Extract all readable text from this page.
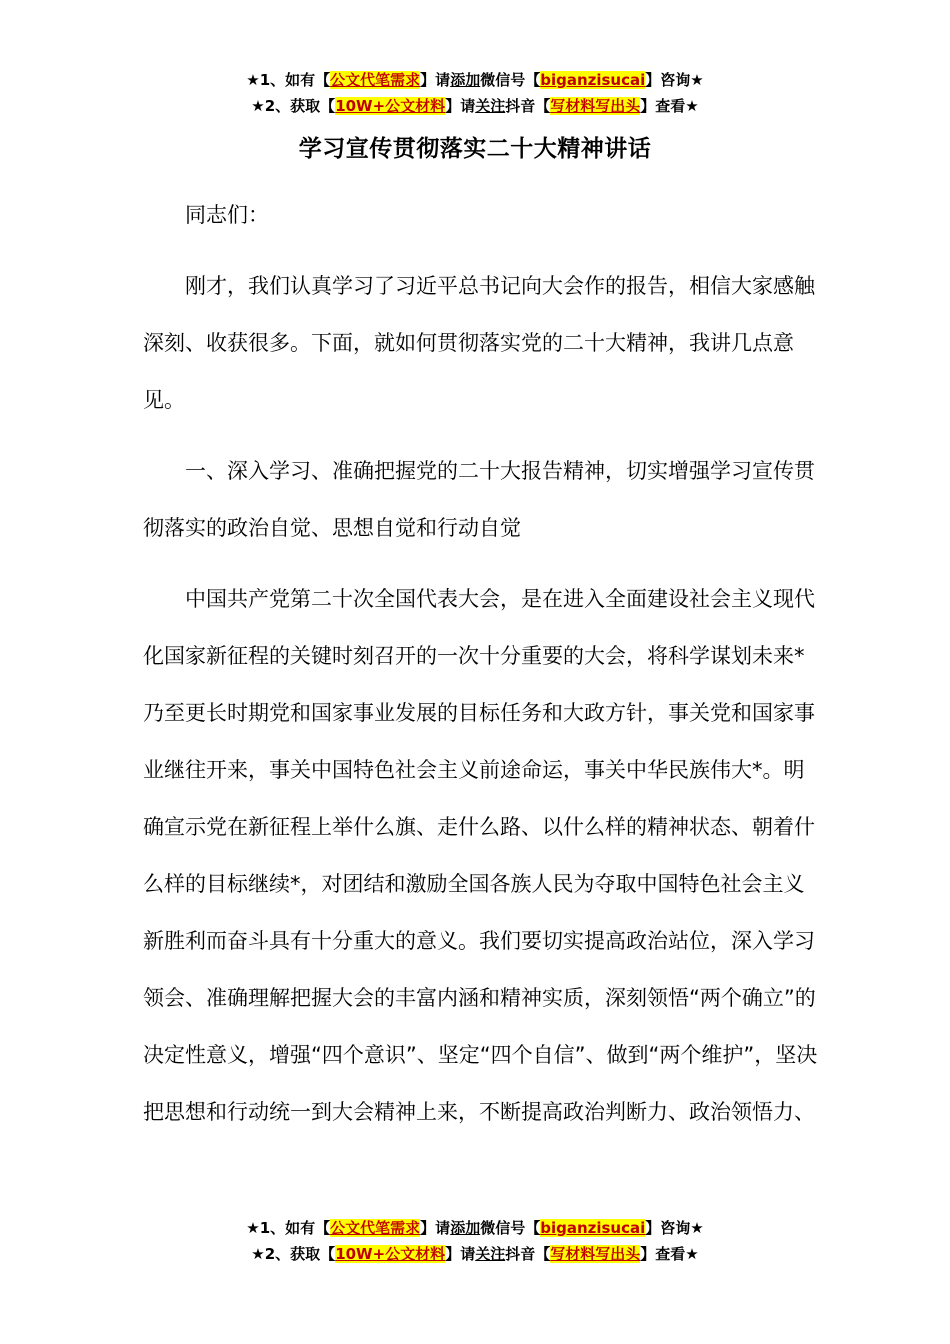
★1、如有【公文代笔需求】请添加微信号【biganzisucai】咨询★
★2、获取【10W+公文材料】请关注抖音【写材料写出头】查看★
学习宣传贯彻落实二十大精神讲话

同志们：

刚才，我们认真学习了习近平总书记向大会作的报告，相信大家感触深刻、收获很多。下面，就如何贯彻落实党的二十大精神，我讲几点意见。

一、深入学习、准确把握党的二十大报告精神，切实增强学习宣传贯彻落实的政治自觉、思想自觉和行动自觉

中国共产党第二十次全国代表大会，是在进入全面建设社会主义现代化国家新征程的关键时刻召开的一次十分重要的大会，将科学谋划未来*乃至更长时期党和国家事业发展的目标任务和大政方针，事关党和国家事业继往开来，事关中国特色社会主义前途命运，事关中华民族伟大*。明确宣示党在新征程上举什么旗、走什么路、以什么样的精神状态、朝着什么样的目标继续*，对团结和激励全国各族人民为夺取中国特色社会主义新胜利而奋斗具有十分重大的意义。我们要切实提高政治站位，深入学习领会、准确理解把握大会的丰富内涵和精神实质，深刻领悟“两个确立”的决定性意义，增强“四个意识”、坚定“四个自信”、做到“两个维护”，坚决把思想和行动统一到大会精神上来，不断提高政治判断力、政治领悟力、

★1、如有【公文代笔需求】请添加微信号【biganzisucai】咨询★
★2、获取【10W+公文材料】请关注抖音【写材料写出头】查看★
